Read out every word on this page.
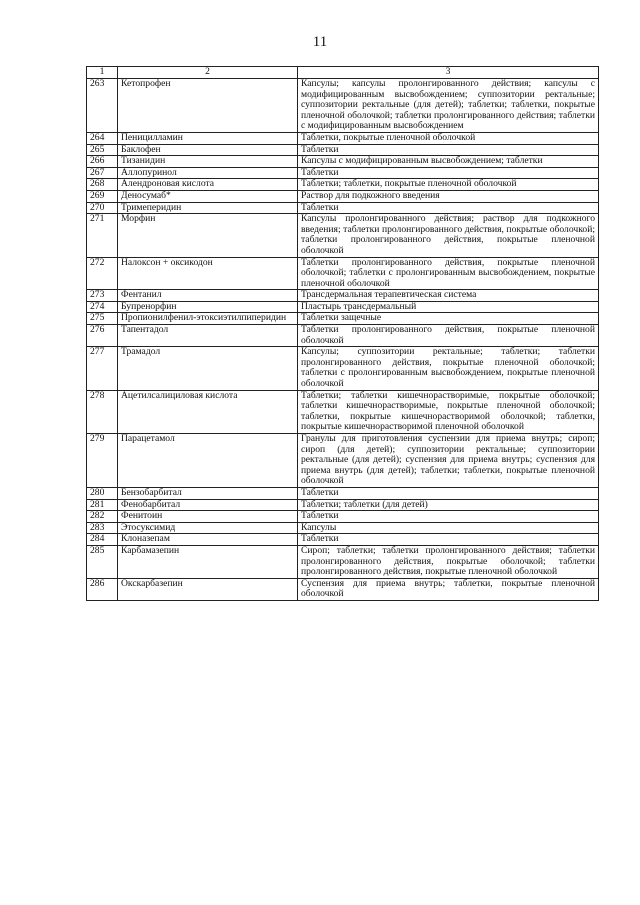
11
1	2	3
263	Кетопрофен	Капсулы; капсулы пролонгированного действия; капсулы с модифицированным высвобождением; суппозитории ректальные; суппозитории ректальные (для детей); таблетки; таблетки, покрытые пленочной оболочкой; таблетки пролонгированного действия; таблетки с модифицированным высвобождением
264	Пеницилламин	Таблетки, покрытые пленочной оболочкой
265	Баклофен	Таблетки
266	Тизанидин	Капсулы с модифицированным высвобождением; таблетки
267	Аллопуринол	Таблетки
268	Алендроновая кислота	Таблетки; таблетки, покрытые пленочной оболочкой
269	Деносумаб*	Раствор для подкожного введения
270	Тримеперидин	Таблетки
271	Морфин	Капсулы пролонгированного действия; раствор для подкожного введения; таблетки пролонгированного действия, покрытые оболочкой; таблетки пролонгированного действия, покрытые пленочной оболочкой
272	Налоксон + оксикодон	Таблетки пролонгированного действия, покрытые пленочной оболочкой; таблетки с пролонгированным высвобождением, покрытые пленочной оболочкой
273	Фентанил	Трансдермальная терапевтическая система
274	Бупренорфин	Пластырь трансдермальный
275	Пропионилфенил-этоксиэтилпиперидин	Таблетки защечные
276	Тапентадол	Таблетки пролонгированного действия, покрытые пленочной оболочкой
277	Трамадол	Капсулы; суппозитории ректальные; таблетки; таблетки пролонгированного действия, покрытые пленочной оболочкой; таблетки с пролонгированным высвобождением, покрытые пленочной оболочкой
278	Ацетилсалициловая кислота	Таблетки; таблетки кишечнорастворимые, покрытые оболочкой; таблетки кишечнорастворимые, покрытые пленочной оболочкой; таблетки, покрытые кишечнорастворимой оболочкой; таблетки, покрытые кишечнорастворимой пленочной оболочкой
279	Парацетамол	Гранулы для приготовления суспензии для приема внутрь; сироп; сироп (для детей); суппозитории ректальные; суппозитории ректальные (для детей); суспензия для приема внутрь; суспензия для приема внутрь (для детей); таблетки; таблетки, покрытые пленочной оболочкой
280	Бензобарбитал	Таблетки
281	Фенобарбитал	Таблетки; таблетки (для детей)
282	Фенитоин	Таблетки
283	Этосуксимид	Капсулы
284	Клоназепам	Таблетки
285	Карбамазепин	Сироп; таблетки; таблетки пролонгированного действия; таблетки пролонгированного действия, покрытые оболочкой; таблетки пролонгированного действия, покрытые пленочной оболочкой
286	Окскарбазепин	Суспензия для приема внутрь; таблетки, покрытые пленочной оболочкой
